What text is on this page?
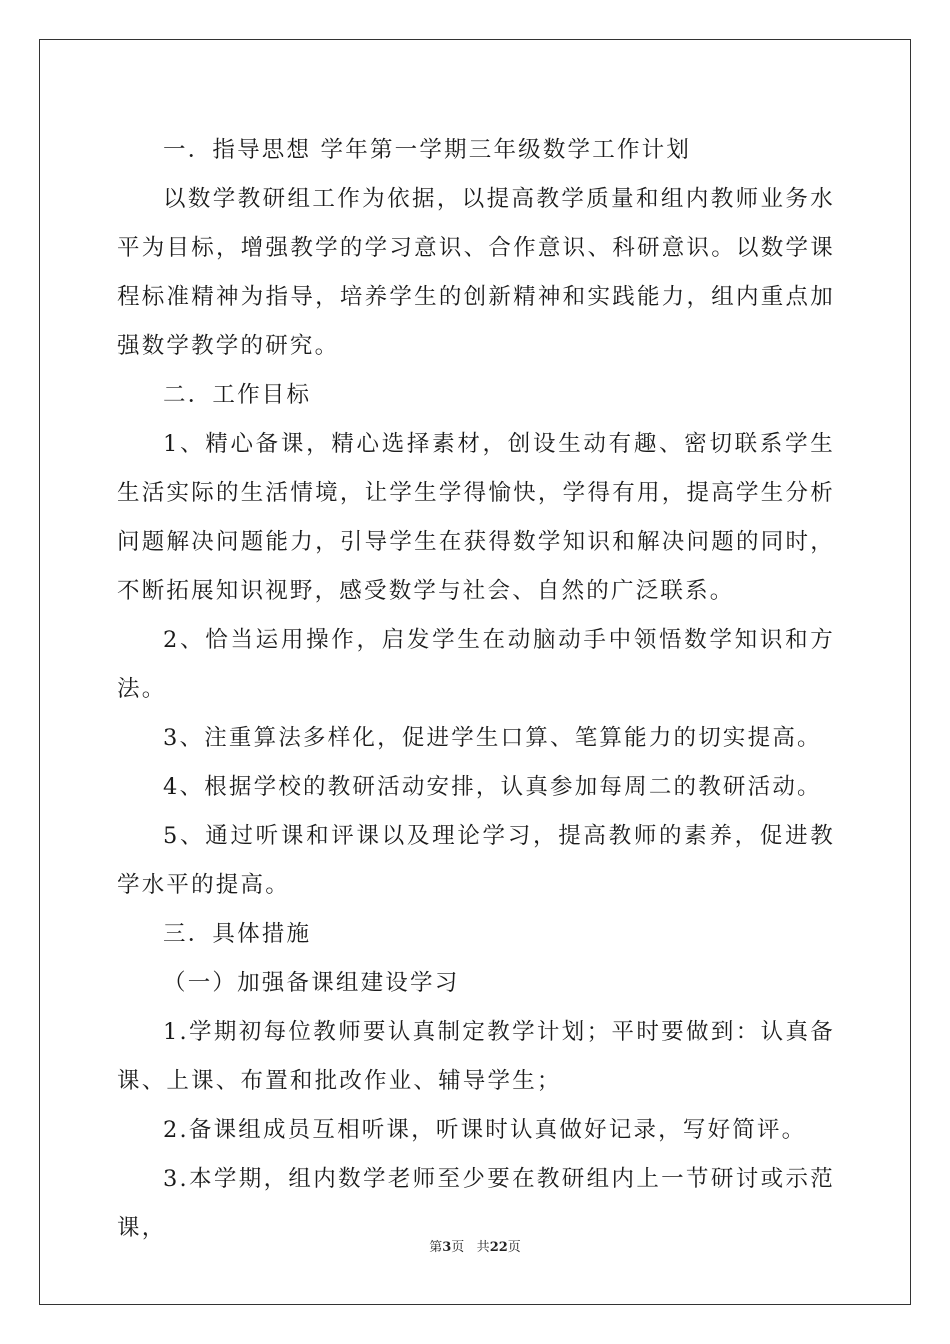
一．指导思想 学年第一学期三年级数学工作计划

以数学教研组工作为依据，以提高教学质量和组内教师业务水平为目标，增强教学的学习意识、合作意识、科研意识。以数学课程标准精神为指导，培养学生的创新精神和实践能力，组内重点加强数学教学的研究。

二．工作目标

1、精心备课，精心选择素材，创设生动有趣、密切联系学生生活实际的生活情境，让学生学得愉快，学得有用，提高学生分析问题解决问题能力，引导学生在获得数学知识和解决问题的同时，不断拓展知识视野，感受数学与社会、自然的广泛联系。

2、恰当运用操作，启发学生在动脑动手中领悟数学知识和方法。

3、注重算法多样化，促进学生口算、笔算能力的切实提高。

4、根据学校的教研活动安排，认真参加每周二的教研活动。

5、通过听课和评课以及理论学习，提高教师的素养，促进教学水平的提高。

三．具体措施

（一）加强备课组建设学习

1.学期初每位教师要认真制定教学计划；平时要做到：认真备课、上课、布置和批改作业、辅导学生；

2.备课组成员互相听课，听课时认真做好记录，写好简评。

3.本学期，组内数学老师至少要在教研组内上一节研讨或示范课，

第3页 共22页
